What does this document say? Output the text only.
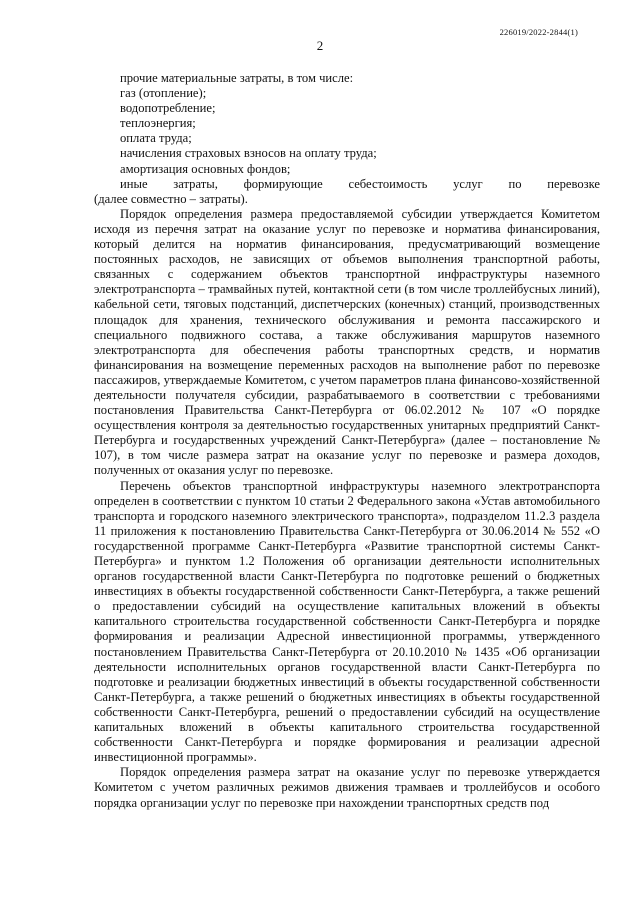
226019/2022-2844(1)
2

прочие материальные затраты, в том числе:

газ (отопление);

водопотребление;

теплоэнергия;

оплата труда;

начисления страховых взносов на оплату труда;

амортизация основных фондов;

иные затраты, формирующие себестоимость услуг по перевозке

(далее совместно – затраты).

Порядок определения размера предоставляемой субсидии утверждается Комитетом исходя из перечня затрат на оказание услуг по перевозке и норматива финансирования, который делится на норматив финансирования, предусматривающий возмещение постоянных расходов, не зависящих от объемов выполнения транспортной работы, связанных с содержанием объектов транспортной инфраструктуры наземного электротранспорта – трамвайных путей, контактной сети (в том числе троллейбусных линий), кабельной сети, тяговых подстанций, диспетчерских (конечных) станций, производственных площадок для хранения, технического обслуживания и ремонта пассажирского и специального подвижного состава, а также обслуживания маршрутов наземного электротранспорта для обеспечения работы транспортных средств, и норматив финансирования на возмещение переменных расходов на выполнение работ по перевозке пассажиров, утверждаемые Комитетом, с учетом параметров плана финансово-хозяйственной деятельности получателя субсидии, разрабатываемого в соответствии с требованиями постановления Правительства Санкт-Петербурга от 06.02.2012 № 107 «О порядке осуществления контроля за деятельностью государственных унитарных предприятий Санкт-Петербурга и государственных учреждений Санкт-Петербурга» (далее – постановление № 107), в том числе размера затрат на оказание услуг по перевозке и размера доходов, полученных от оказания услуг по перевозке.

Перечень объектов транспортной инфраструктуры наземного электротранспорта определен в соответствии с пунктом 10 статьи 2 Федерального закона «Устав автомобильного транспорта и городского наземного электрического транспорта», подразделом 11.2.3 раздела 11 приложения к постановлению Правительства Санкт-Петербурга от 30.06.2014 № 552 «О государственной программе Санкт-Петербурга «Развитие транспортной системы Санкт-Петербурга» и пунктом 1.2 Положения об организации деятельности исполнительных органов государственной власти Санкт-Петербурга по подготовке решений о бюджетных инвестициях в объекты государственной собственности Санкт-Петербурга, а также решений о предоставлении субсидий на осуществление капитальных вложений в объекты капитального строительства государственной собственности Санкт-Петербурга и порядке формирования и реализации Адресной инвестиционной программы, утвержденного постановлением Правительства Санкт-Петербурга от 20.10.2010 № 1435 «Об организации деятельности исполнительных органов государственной власти Санкт-Петербурга по подготовке и реализации бюджетных инвестиций в объекты государственной собственности Санкт-Петербурга, а также решений о бюджетных инвестициях в объекты государственной собственности Санкт-Петербурга, решений о предоставлении субсидий на осуществление капитальных вложений в объекты капитального строительства государственной собственности Санкт-Петербурга и порядке формирования и реализации адресной инвестиционной программы».

Порядок определения размера затрат на оказание услуг по перевозке утверждается Комитетом с учетом различных режимов движения трамваев и троллейбусов и особого порядка организации услуг по перевозке при нахождении транспортных средств под
